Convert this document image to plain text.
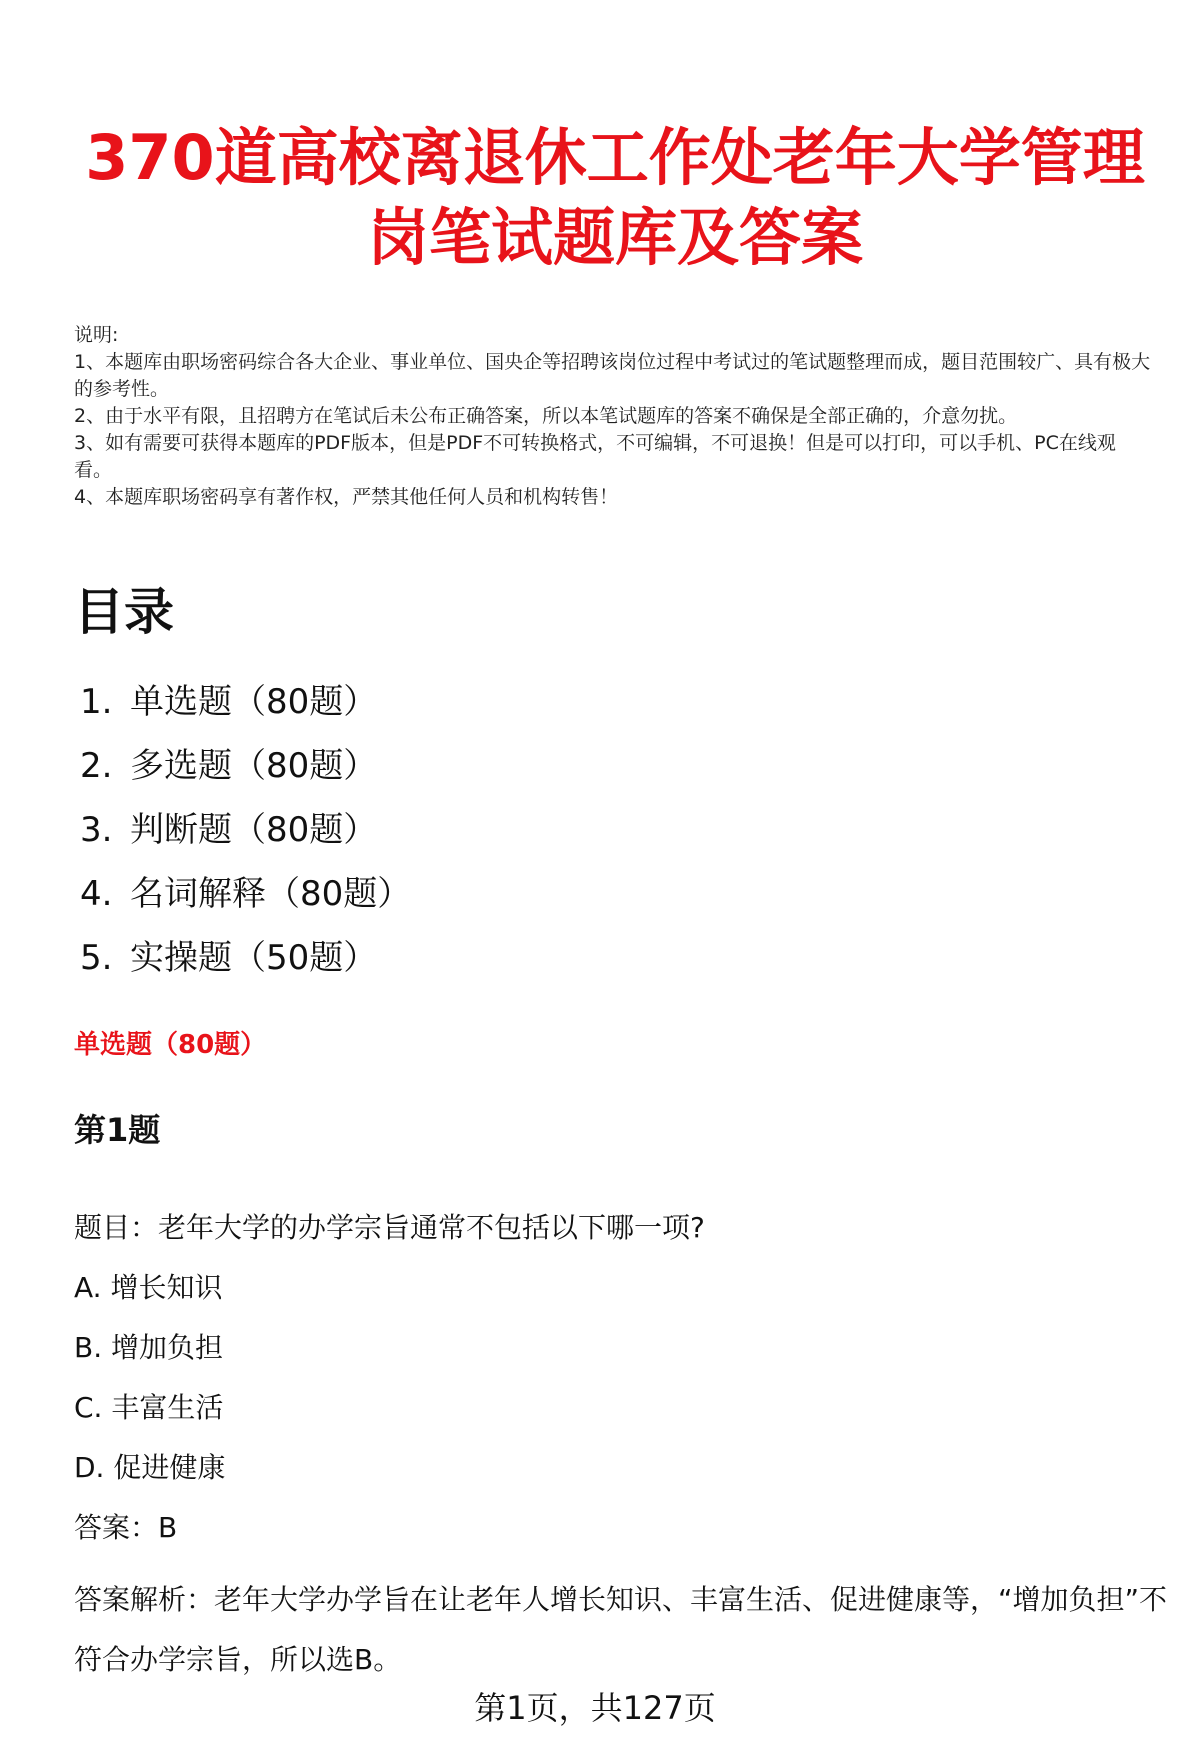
370道高校离退休工作处老年大学管理岗笔试题库及答案
说明:
1、本题库由职场密码综合各大企业、事业单位、国央企等招聘该岗位过程中考试过的笔试题整理而成，题目范围较广、具有极大的参考性。
2、由于水平有限，且招聘方在笔试后未公布正确答案，所以本笔试题库的答案不确保是全部正确的，介意勿扰。
3、如有需要可获得本题库的PDF版本，但是PDF不可转换格式，不可编辑，不可退换！但是可以打印，可以手机、PC在线观看。
4、本题库职场密码享有著作权，严禁其他任何人员和机构转售！
目录
1. 单选题（80题）
2. 多选题（80题）
3. 判断题（80题）
4. 名词解释（80题）
5. 实操题（50题）
单选题（80题）
第1题
题目：老年大学的办学宗旨通常不包括以下哪一项?
A. 增长知识
B. 增加负担
C. 丰富生活
D. 促进健康
答案：B
答案解析：老年大学办学旨在让老年人增长知识、丰富生活、促进健康等，“增加负担”不符合办学宗旨，所以选B。
第1页，共127页
